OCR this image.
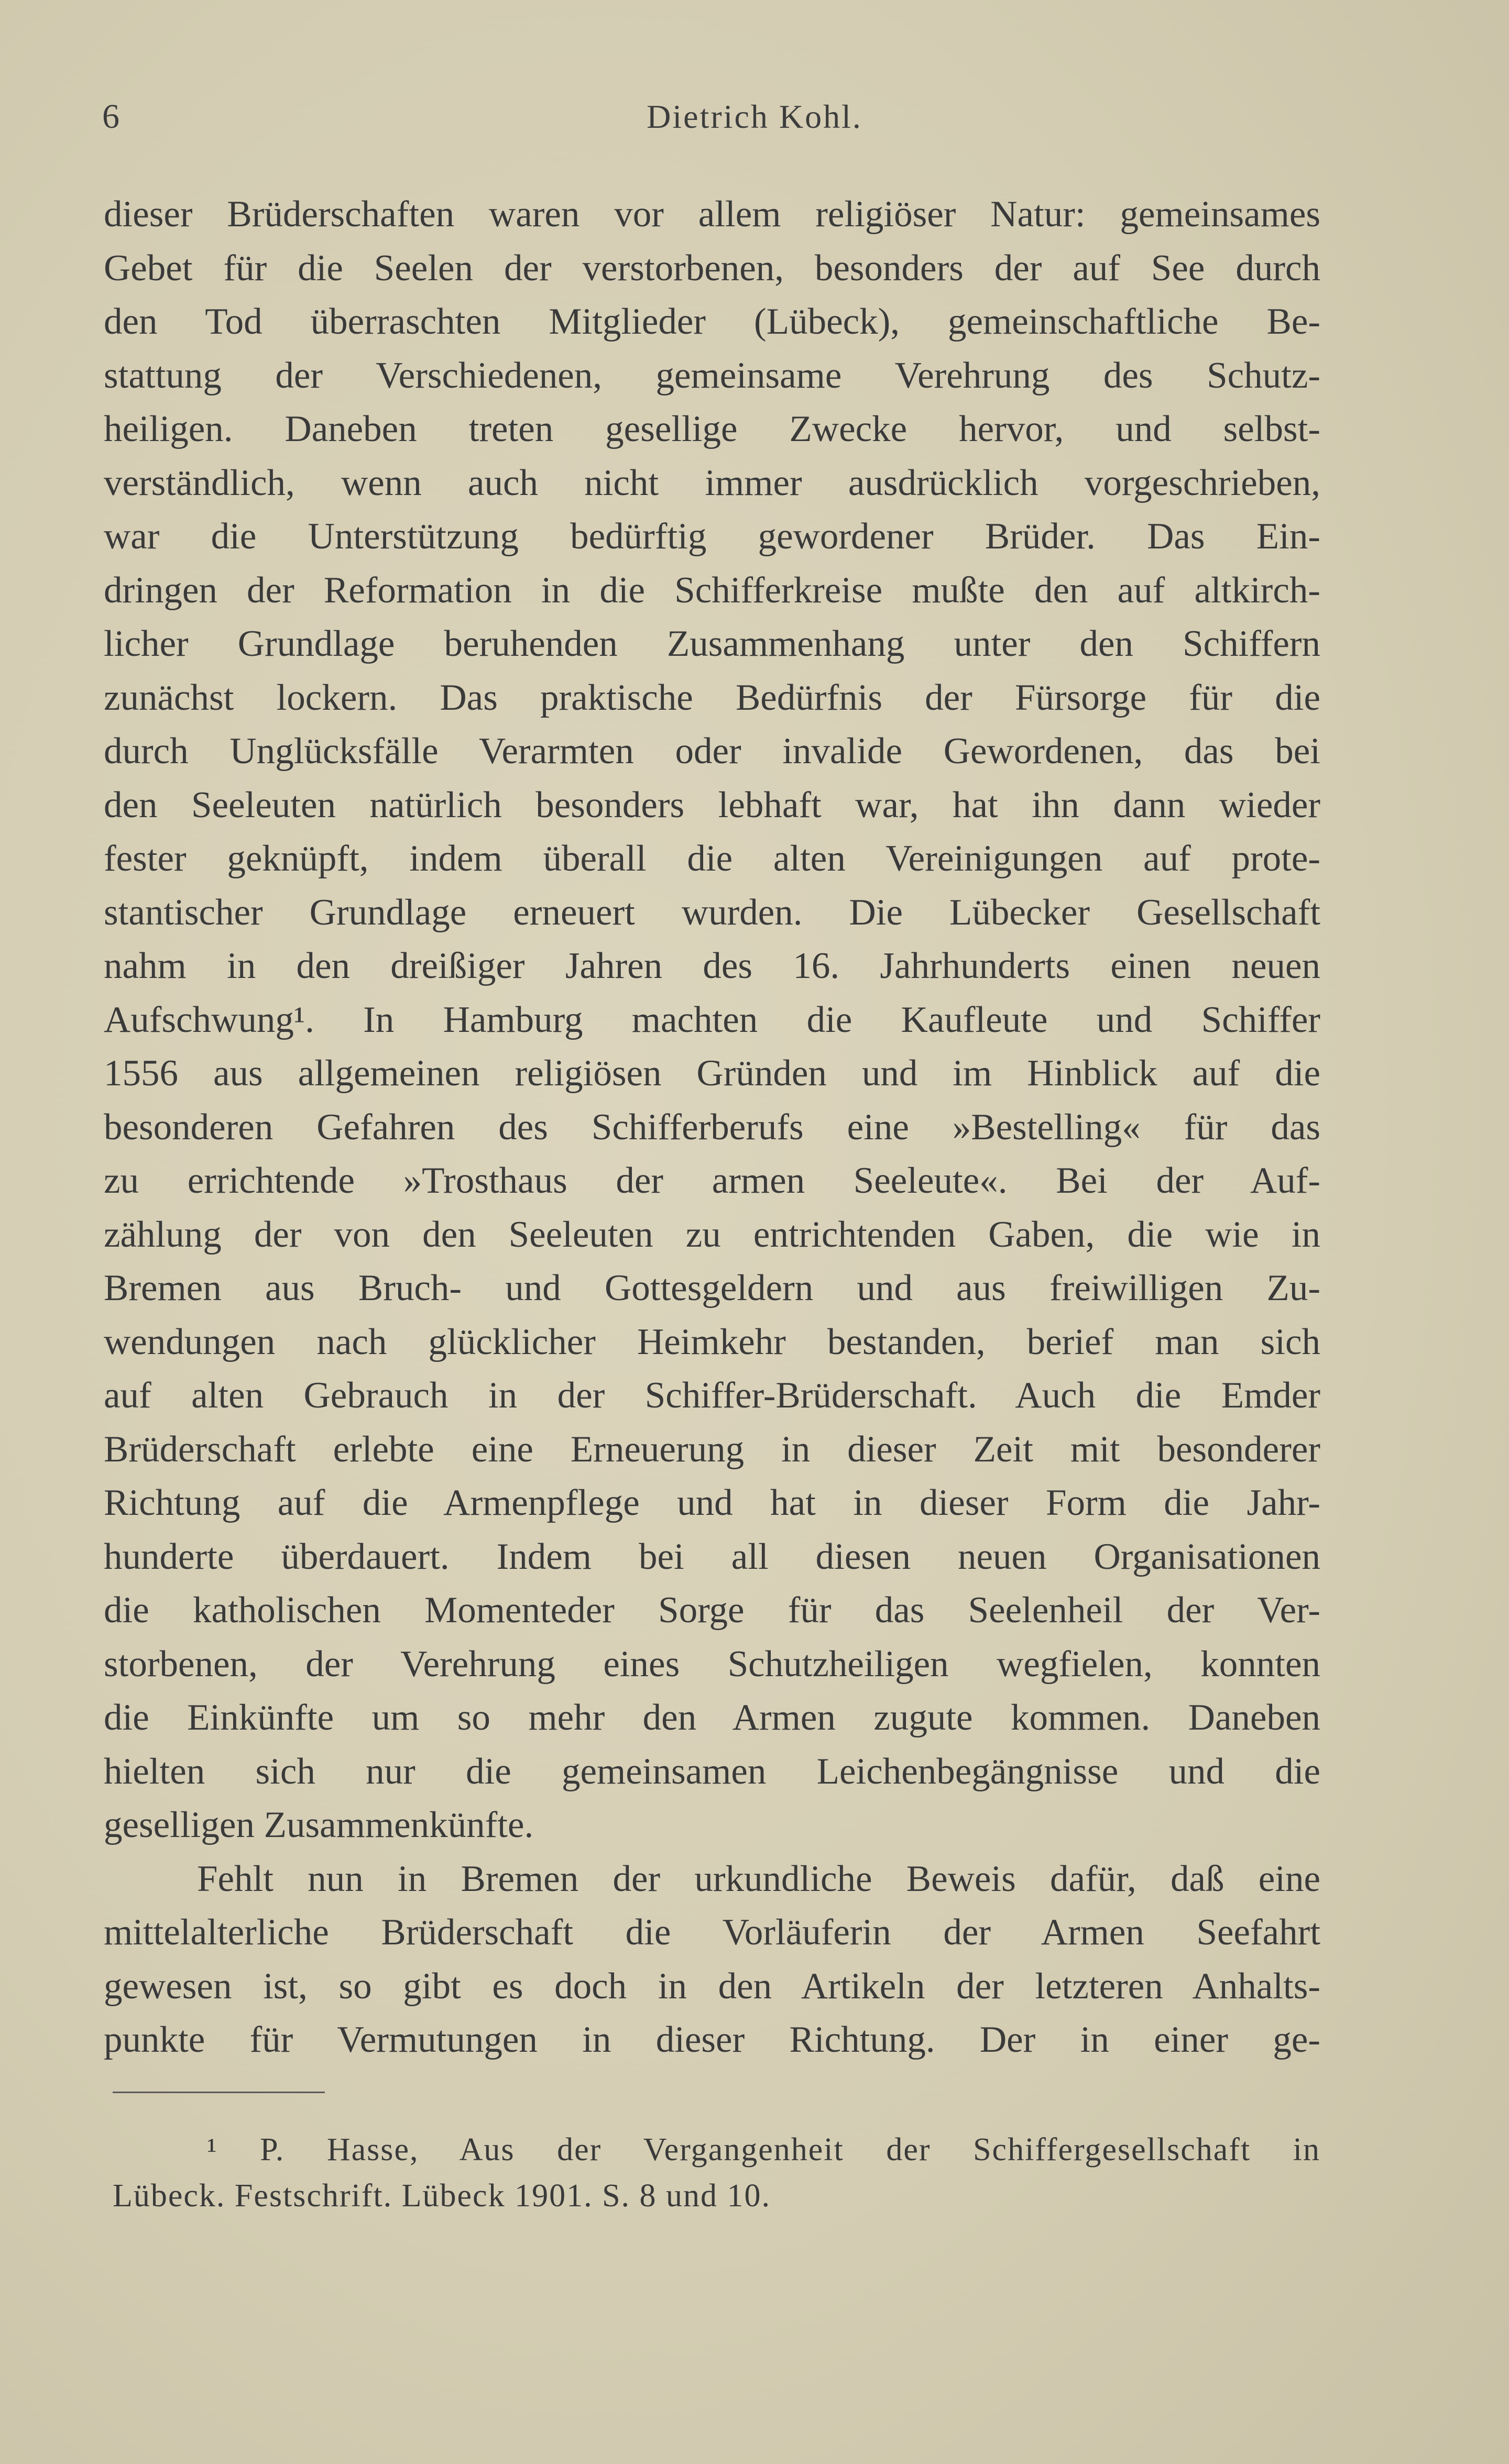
6	Dietrich Kohl.
dieser Brüderschaften waren vor allem religiöser Natur: gemeinsames
Gebet für die Seelen der verstorbenen, besonders der auf See durch
den Tod überraschten Mitglieder (Lübeck), gemeinschaftliche Be-
stattung der Verschiedenen, gemeinsame Verehrung des Schutz-
heiligen. Daneben treten gesellige Zwecke hervor, und selbst-
verständlich, wenn auch nicht immer ausdrücklich vorgeschrieben,
war die Unterstützung bedürftig gewordener Brüder. Das Ein-
dringen der Reformation in die Schifferkreise mußte den auf altkirch-
licher Grundlage beruhenden Zusammenhang unter den Schiffern
zunächst lockern. Das praktische Bedürfnis der Fürsorge für die
durch Unglücksfälle Verarmten oder invalide Gewordenen, das bei
den Seeleuten natürlich besonders lebhaft war, hat ihn dann wieder
fester geknüpft, indem überall die alten Vereinigungen auf prote-
stantischer Grundlage erneuert wurden. Die Lübecker Gesellschaft
nahm in den dreißiger Jahren des 16. Jahrhunderts einen neuen
Aufschwung¹. In Hamburg machten die Kaufleute und Schiffer
1556 aus allgemeinen religiösen Gründen und im Hinblick auf die
besonderen Gefahren des Schifferberufs eine »Bestelling« für das
zu errichtende »Trosthaus der armen Seeleute«. Bei der Auf-
zählung der von den Seeleuten zu entrichtenden Gaben, die wie in
Bremen aus Bruch- und Gottesgeldern und aus freiwilligen Zu-
wendungen nach glücklicher Heimkehr bestanden, berief man sich
auf alten Gebrauch in der Schiffer-Brüderschaft. Auch die Emder
Brüderschaft erlebte eine Erneuerung in dieser Zeit mit besonderer
Richtung auf die Armenpflege und hat in dieser Form die Jahr-
hunderte überdauert. Indem bei all diesen neuen Organisationen
die katholischen Momenteder Sorge für das Seelenheil der Ver-
storbenen, der Verehrung eines Schutzheiligen wegfielen, konnten
die Einkünfte um so mehr den Armen zugute kommen. Daneben
hielten sich nur die gemeinsamen Leichenbegängnisse und die
geselligen Zusammenkünfte.
Fehlt nun in Bremen der urkundliche Beweis dafür, daß eine
mittelalterliche Brüderschaft die Vorläuferin der Armen Seefahrt
gewesen ist, so gibt es doch in den Artikeln der letzteren Anhalts-
punkte für Vermutungen in dieser Richtung. Der in einer ge-
¹ P. Hasse, Aus der Vergangenheit der Schiffergesellschaft in
Lübeck. Festschrift. Lübeck 1901. S. 8 und 10.
